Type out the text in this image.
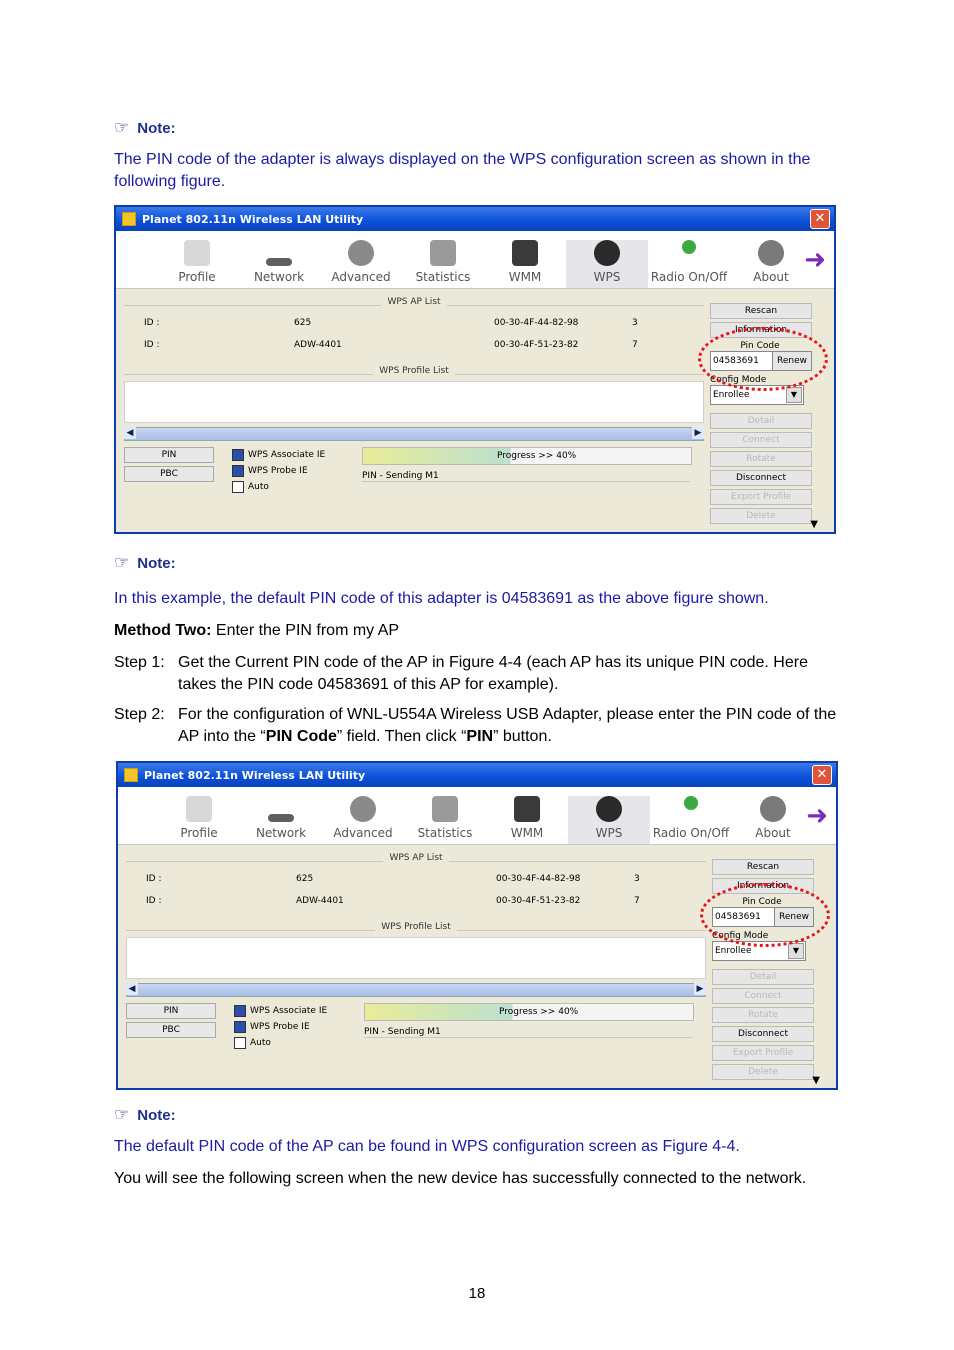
☞ Note:
The PIN code of the adapter is always displayed on the WPS configuration screen as shown in the following figure.
Planet 802.11n Wireless LAN Utility	✕
Profile	Network	Advanced	Statistics	WMM	WPS	Radio On/Off	About
➜
WPS AP List
ID :	625	00-30-4F-44-82-98	3
ID :	ADW-4401	00-30-4F-51-23-82	7
WPS Profile List
◀	▶
PIN
PBC
WPS Associate IE
WPS Probe IE
Auto
Progress >> 40%
PIN - Sending M1
Rescan
Information
Pin Code
04583691	Renew
Config Mode
Enrollee	▼
Detail
Connect
Rotate
Disconnect
Export Profile
Delete
▼
☞ Note:
In this example, the default PIN code of this adapter is 04583691 as the above figure shown.
Method Two: Enter the PIN from my AP
Step 1: Get the Current PIN code of the AP in Figure 4-4 (each AP has its unique PIN code. Here takes the PIN code 04583691 of this AP for example).
Step 2: For the configuration of WNL-U554A Wireless USB Adapter, please enter the PIN code of the AP into the “PIN Code” field. Then click “PIN” button.
Planet 802.11n Wireless LAN Utility	✕
Profile	Network	Advanced	Statistics	WMM	WPS	Radio On/Off	About
➜
WPS AP List
ID :	625	00-30-4F-44-82-98	3
ID :	ADW-4401	00-30-4F-51-23-82	7
WPS Profile List
◀	▶
PIN
PBC
WPS Associate IE
WPS Probe IE
Auto
Progress >> 40%
PIN - Sending M1
Rescan
Information
Pin Code
04583691	Renew
Config Mode
Enrollee	▼
Detail
Connect
Rotate
Disconnect
Export Profile
Delete
▼
☞ Note:
The default PIN code of the AP can be found in WPS configuration screen as Figure 4-4.
You will see the following screen when the new device has successfully connected to the network.
18
